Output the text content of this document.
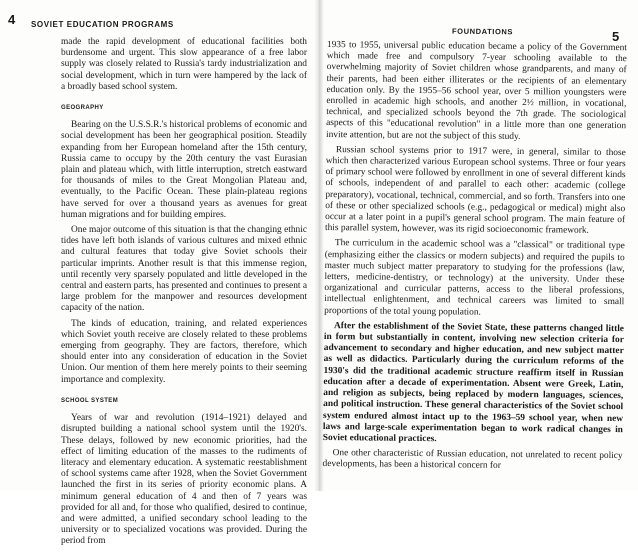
4 SOVIET EDUCATION PROGRAMS

made the rapid development of educational facilities both burdensome and urgent. This slow appearance of a free labor supply was closely related to Russia's tardy industrialization and social development, which in turn were hampered by the lack of a broadly based school system.

GEOGRAPHY

Bearing on the U.S.S.R.'s historical problems of economic and social development has been her geographical position. Steadily expanding from her European homeland after the 15th century, Russia came to occupy by the 20th century the vast Eurasian plain and plateau which, with little interruption, stretch eastward for thousands of miles to the Great Mongolian Plateau and, eventually, to the Pacific Ocean. These plain-plateau regions have served for over a thousand years as avenues for great human migrations and for building empires.

One major outcome of this situation is that the changing ethnic tides have left both islands of various cultures and mixed ethnic and cultural features that today give Soviet schools their particular imprints. Another result is that this immense region, until recently very sparsely populated and little developed in the central and eastern parts, has presented and continues to present a large problem for the manpower and resources development capacity of the nation.

The kinds of education, training, and related experiences which Soviet youth receive are closely related to these problems emerging from geography. They are factors, therefore, which should enter into any consideration of education in the Soviet Union. Our mention of them here merely points to their seeming importance and complexity.

SCHOOL SYSTEM

Years of war and revolution (1914–1921) delayed and disrupted building a national school system until the 1920's. These delays, followed by new economic priorities, had the effect of limiting education of the masses to the rudiments of literacy and elementary education. A systematic reestablishment of school systems came after 1928, when the Soviet Government launched the first in its series of priority economic plans. A minimum general education of 4 and then of 7 years was provided for all and, for those who qualified, desired to continue, and were admitted, a unified secondary school leading to the university or to specialized vocations was provided. During the period from

FOUNDATIONS	5

1935 to 1955, universal public education became a policy of the Government which made free and compulsory 7-year schooling available to the overwhelming majority of Soviet children whose grandparents, and many of their parents, had been either illiterates or the recipients of an elementary education only. By the 1955–56 school year, over 5 million youngsters were enrolled in academic high schools, and another 2½ million, in vocational, technical, and specialized schools beyond the 7th grade. The sociological aspects of this "educational revolution" in a little more than one generation invite attention, but are not the subject of this study.

Russian school systems prior to 1917 were, in general, similar to those which then characterized various European school systems. Three or four years of primary school were followed by enrollment in one of several different kinds of schools, independent of and parallel to each other: academic (college preparatory), vocational, technical, commercial, and so forth. Transfers into one of these or other specialized schools (e.g., pedagogical or medical) might also occur at a later point in a pupil's general school program. The main feature of this parallel system, however, was its rigid socioeconomic framework.

The curriculum in the academic school was a "classical" or traditional type (emphasizing either the classics or modern subjects) and required the pupils to master much subject matter preparatory to studying for the professions (law, letters, medicine-dentistry, or technology) at the university. Under these organizational and curricular patterns, access to the liberal professions, intellectual enlightenment, and technical careers was limited to small proportions of the total young population.

After the establishment of the Soviet State, these patterns changed little in form but substantially in content, involving new selection criteria for advancement to secondary and higher education, and new subject matter as well as didactics. Particularly during the curriculum reforms of the 1930's did the traditional academic structure reaffirm itself in Russian education after a decade of experimentation. Absent were Greek, Latin, and religion as subjects, being replaced by modern languages, sciences, and political instruction. These general characteristics of the Soviet school system endured almost intact up to the 1963–59 school year, when new laws and large-scale experimentation began to work radical changes in Soviet educational practices.

One other characteristic of Russian education, not unrelated to recent policy developments, has been a historical concern for
